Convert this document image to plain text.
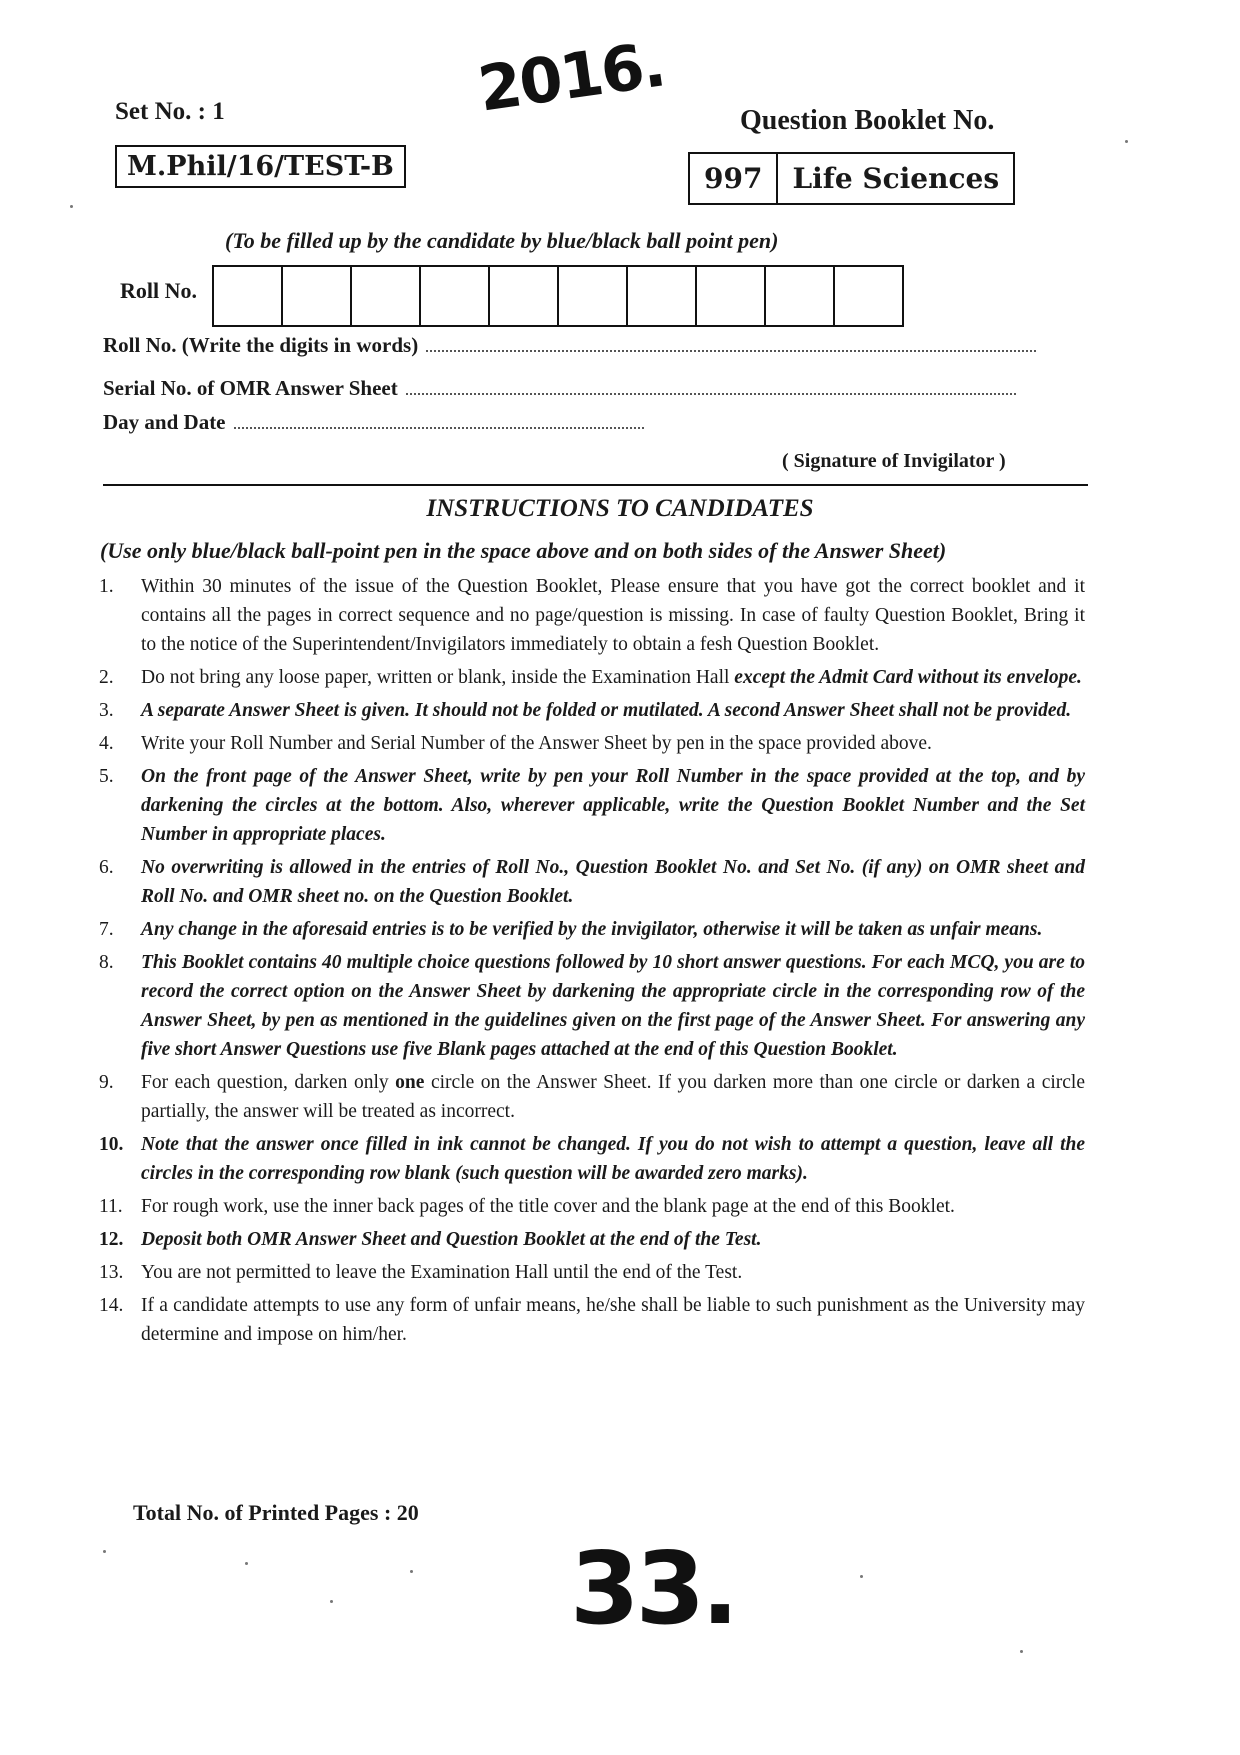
2016.
Set No. : 1
M.Phil/16/TEST-B
Question Booklet No.
997	Life Sciences
(To be filled up by the candidate by blue/black ball point pen)
Roll No.
Roll No. (Write the digits in words)
Serial No. of OMR Answer Sheet
Day and Date
( Signature of Invigilator )
INSTRUCTIONS TO CANDIDATES
(Use only blue/black ball-point pen in the space above and on both sides of the Answer Sheet)
1.	Within 30 minutes of the issue of the Question Booklet, Please ensure that you have got the correct booklet and it contains all the pages in correct sequence and no page/question is missing. In case of faulty Question Booklet, Bring it to the notice of the Superintendent/Invigilators immediately to obtain a fesh Question Booklet.
2.	Do not bring any loose paper, written or blank, inside the Examination Hall except the Admit Card without its envelope.
3.	A separate Answer Sheet is given. It should not be folded or mutilated. A second Answer Sheet shall not be provided.
4.	Write your Roll Number and Serial Number of the Answer Sheet by pen in the space provided above.
5.	On the front page of the Answer Sheet, write by pen your Roll Number in the space provided at the top, and by darkening the circles at the bottom. Also, wherever applicable, write the Question Booklet Number and the Set Number in appropriate places.
6.	No overwriting is allowed in the entries of Roll No., Question Booklet No. and Set No. (if any) on OMR sheet and Roll No. and OMR sheet no. on the Question Booklet.
7.	Any change in the aforesaid entries is to be verified by the invigilator, otherwise it will be taken as unfair means.
8.	This Booklet contains 40 multiple choice questions followed by 10 short answer questions. For each MCQ, you are to record the correct option on the Answer Sheet by darkening the appropriate circle in the corresponding row of the Answer Sheet, by pen as mentioned in the guidelines given on the first page of the Answer Sheet. For answering any five short Answer Questions use five Blank pages attached at the end of this Question Booklet.
9.	For each question, darken only one circle on the Answer Sheet. If you darken more than one circle or darken a circle partially, the answer will be treated as incorrect.
10. Note that the answer once filled in ink cannot be changed. If you do not wish to attempt a question, leave all the circles in the corresponding row blank (such question will be awarded zero marks).
11. For rough work, use the inner back pages of the title cover and the blank page at the end of this Booklet.
12. Deposit both OMR Answer Sheet and Question Booklet at the end of the Test.
13. You are not permitted to leave the Examination Hall until the end of the Test.
14. If a candidate attempts to use any form of unfair means, he/she shall be liable to such punishment as the University may determine and impose on him/her.
Total No. of Printed Pages : 20
33.
